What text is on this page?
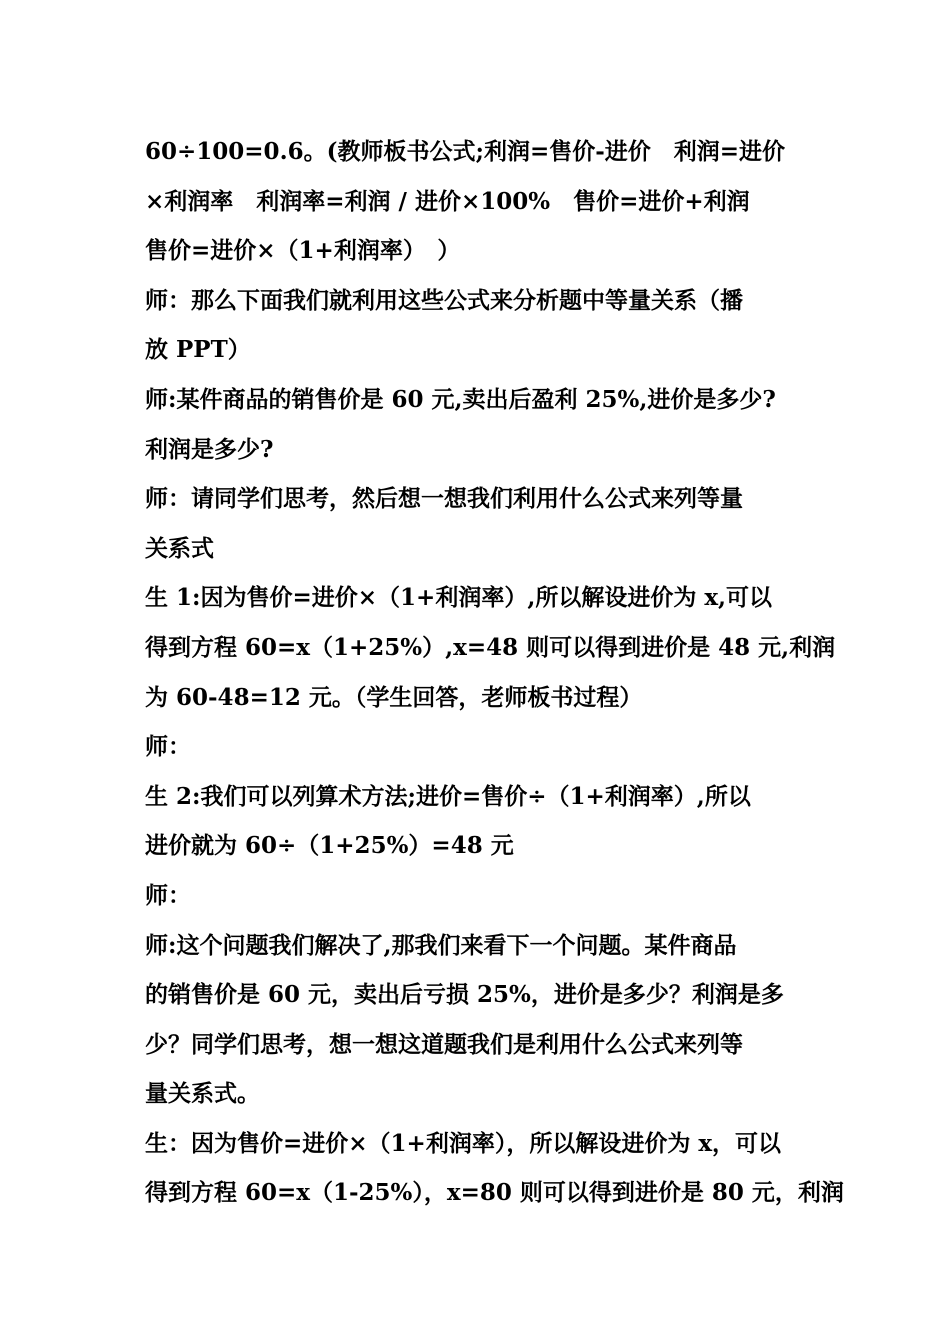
60÷100=0.6。(教师板书公式;利润=售价-进价　利润=进价
×利润率　利润率=利润 / 进价×100%　售价=进价+利润
售价=进价×（1+利润率）　）
师：那么下面我们就利用这些公式来分析题中等量关系（播
放 PPT）
师:某件商品的销售价是 60 元,卖出后盈利 25%,进价是多少?
利润是多少?
师：请同学们思考，然后想一想我们利用什么公式来列等量
关系式
生 1:因为售价=进价×（1+利润率）,所以解设进价为 x,可以
得到方程 60=x（1+25%）,x=48 则可以得到进价是 48 元,利润
为 60-48=12 元。（学生回答，老师板书过程）
师：
生 2:我们可以列算术方法;进价=售价÷（1+利润率）,所以
进价就为 60÷（1+25%）=48 元
师：
师:这个问题我们解决了,那我们来看下一个问题。某件商品
的销售价是 60 元，卖出后亏损 25%，进价是多少？利润是多
少？同学们思考，想一想这道题我们是利用什么公式来列等
量关系式。
生：因为售价=进价×（1+利润率），所以解设进价为 x，可以
得到方程 60=x（1-25%），x=80 则可以得到进价是 80 元，利润
